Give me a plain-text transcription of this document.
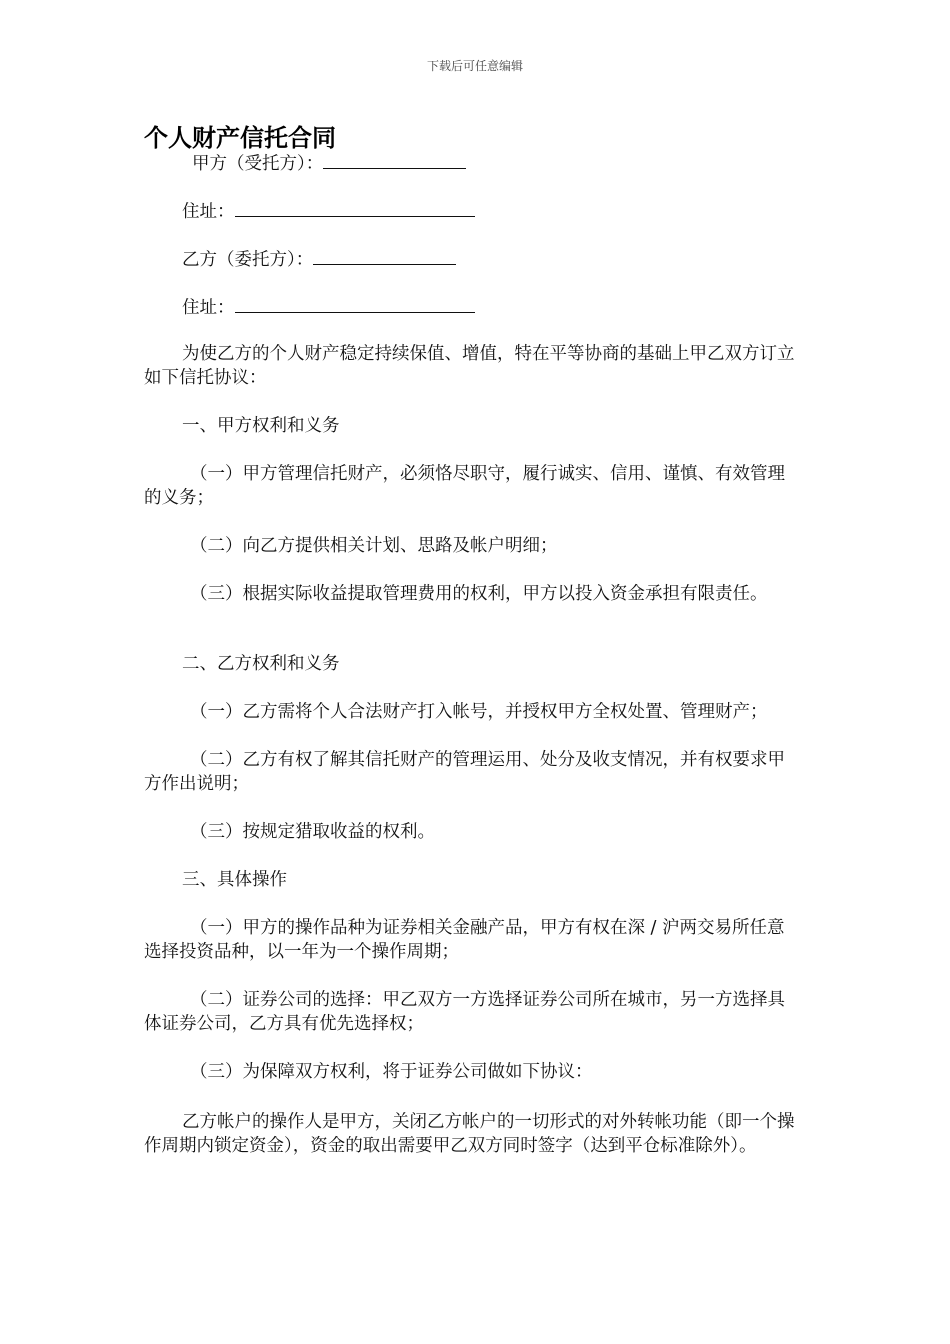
下载后可任意编辑
个人财产信托合同
甲方（受托方）：
住址：
乙方（委托方）：
住址：

为使乙方的个人财产稳定持续保值、增值，特在平等协商的基础上甲乙双方订立如下信托协议：

一、甲方权利和义务

（一）甲方管理信托财产，必须恪尽职守，履行诚实、信用、谨慎、有效管理的义务；

（二）向乙方提供相关计划、思路及帐户明细；
（三）根据实际收益提取管理费用的权利，甲方以投入资金承担有限责任。
二、乙方权利和义务
（一）乙方需将个人合法财产打入帐号，并授权甲方全权处置、管理财产；

（二）乙方有权了解其信托财产的管理运用、处分及收支情况，并有权要求甲方作出说明；

（三）按规定猎取收益的权利。
三、具体操作

（一）甲方的操作品种为证券相关金融产品，甲方有权在深 / 沪两交易所任意选择投资品种，以一年为一个操作周期；

（二）证券公司的选择：甲乙双方一方选择证券公司所在城市，另一方选择具体证券公司，乙方具有优先选择权；

（三）为保障双方权利，将于证券公司做如下协议：

乙方帐户的操作人是甲方，关闭乙方帐户的一切形式的对外转帐功能（即一个操作周期内锁定资金），资金的取出需要甲乙双方同时签字（达到平仓标准除外）。
